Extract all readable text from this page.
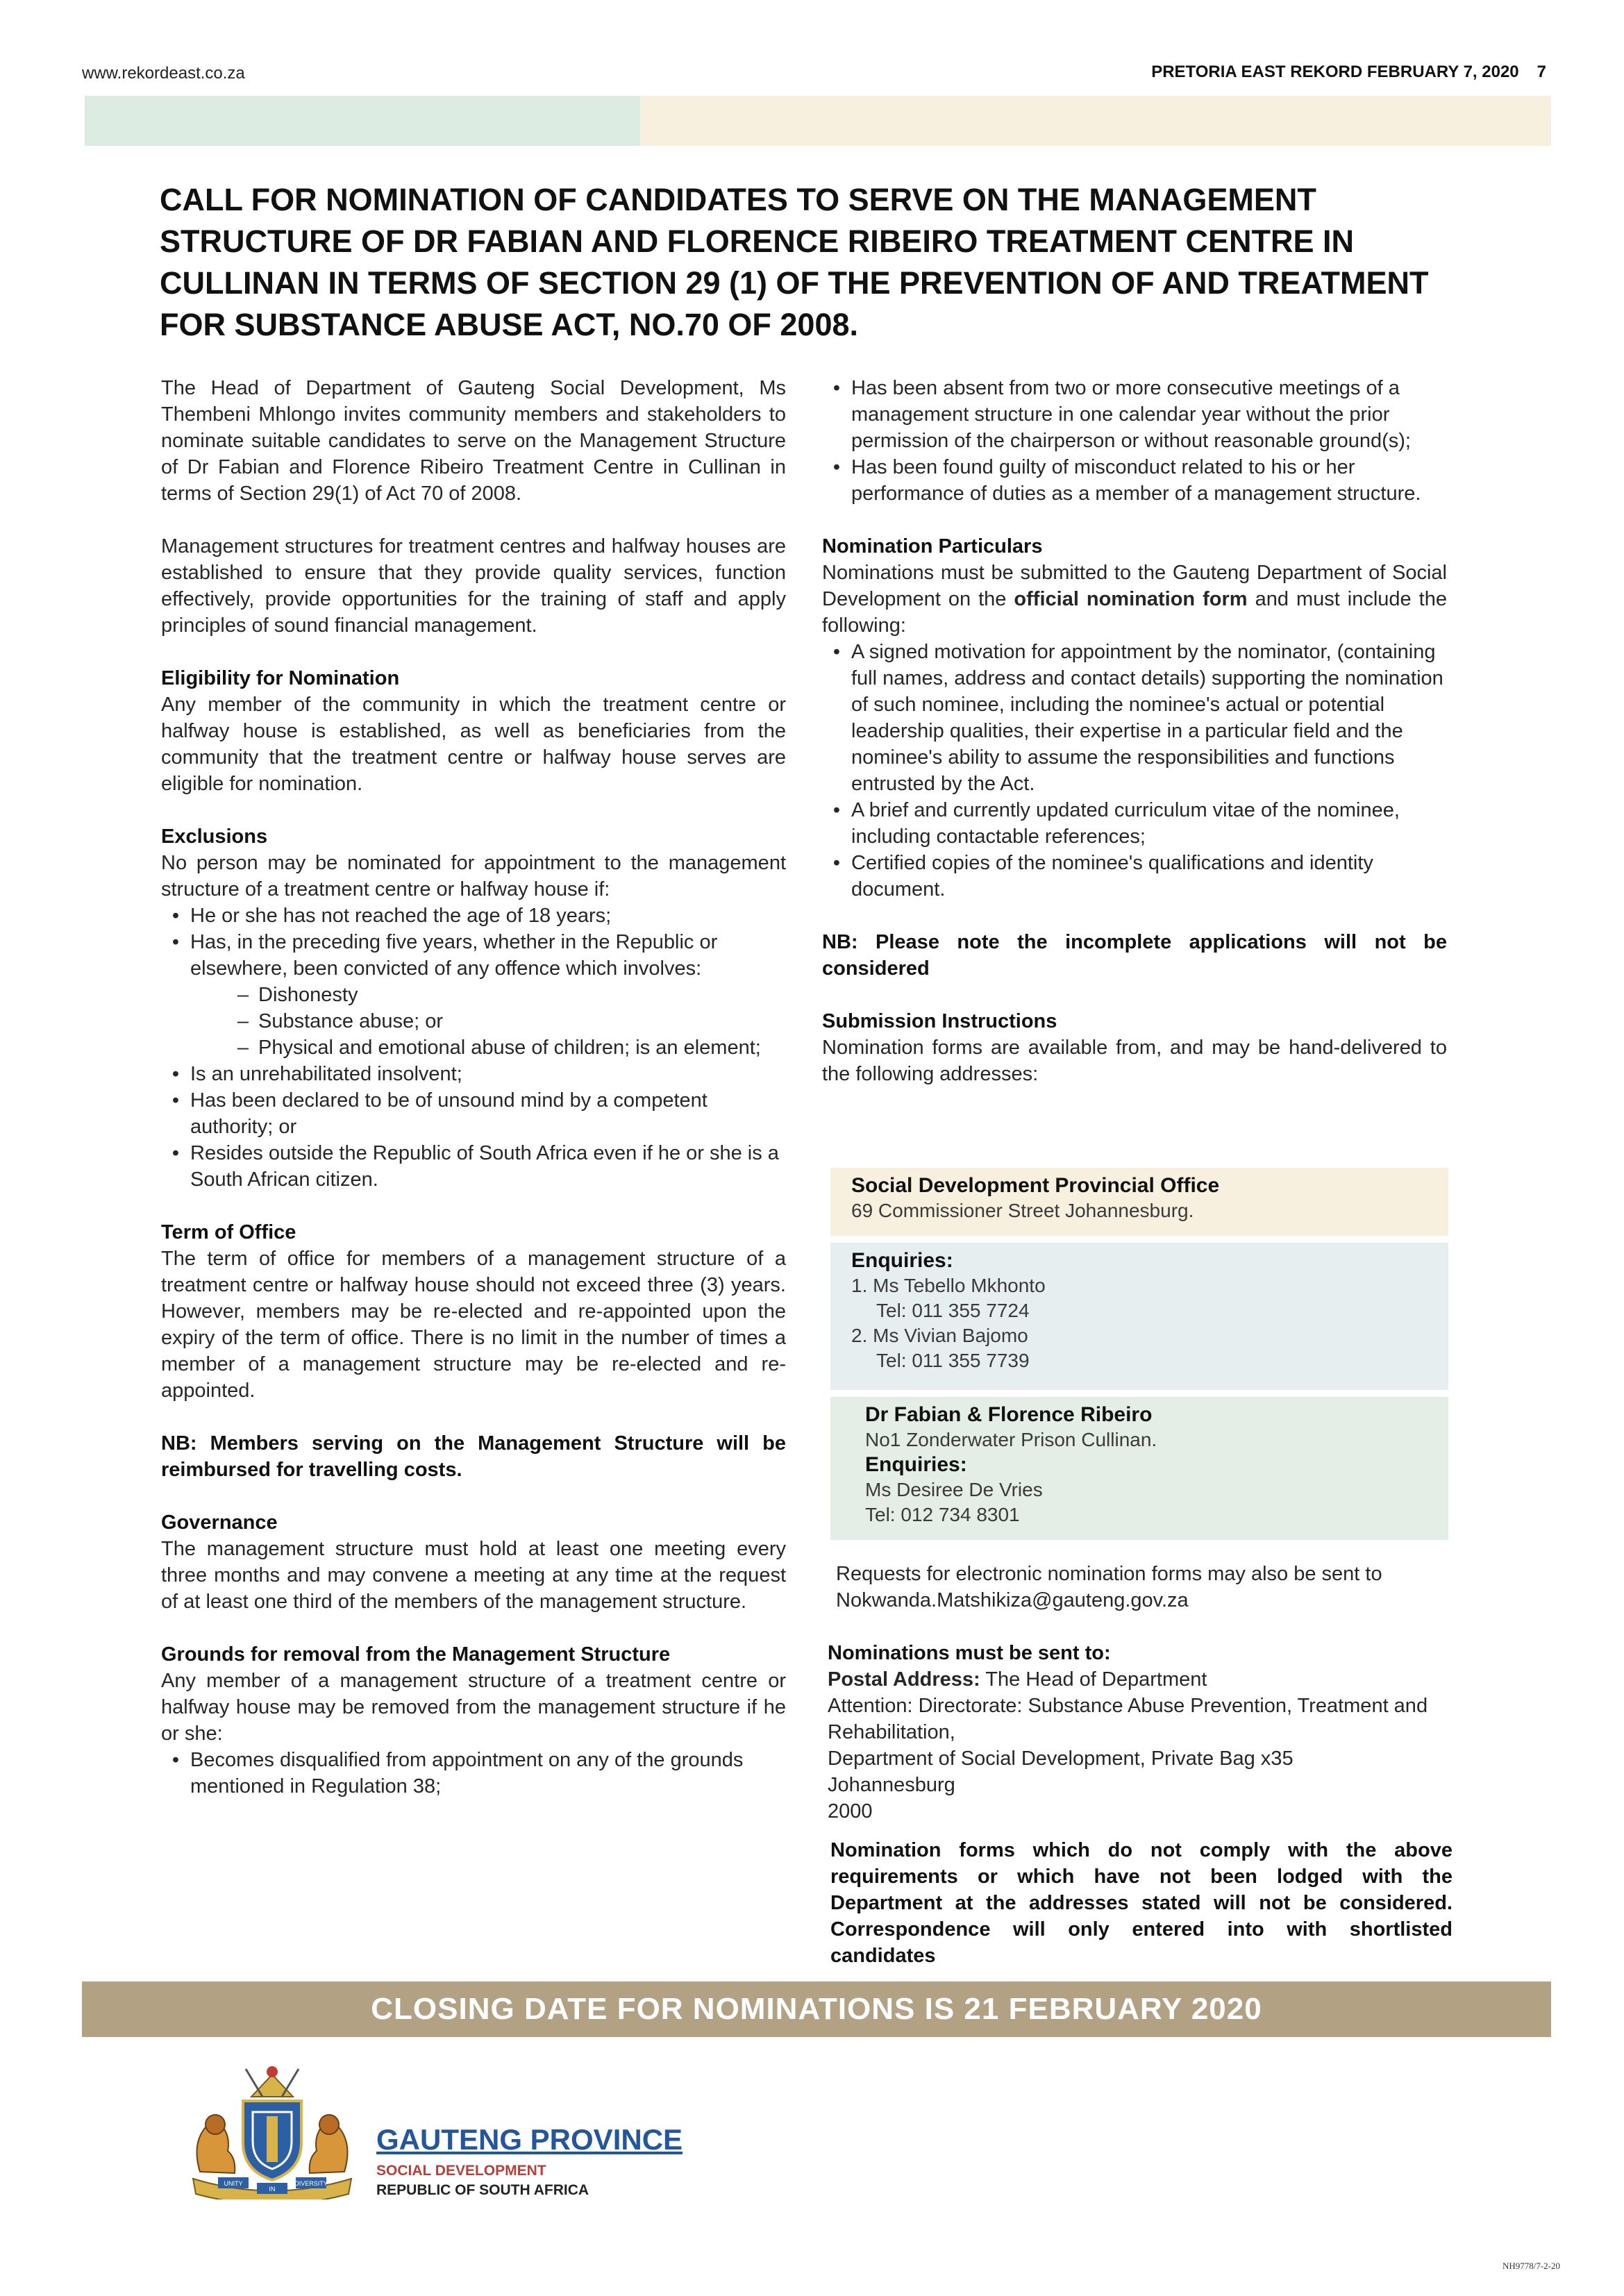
www.rekordeast.co.za	PRETORIA EAST REKORD FEBRUARY 7, 2020 7
CALL FOR NOMINATION OF CANDIDATES TO SERVE ON THE MANAGEMENT STRUCTURE OF DR FABIAN AND FLORENCE RIBEIRO TREATMENT CENTRE IN CULLINAN IN TERMS OF SECTION 29 (1) OF THE PREVENTION OF AND TREATMENT FOR SUBSTANCE ABUSE ACT, NO.70 OF 2008.

The Head of Department of Gauteng Social Development, Ms Thembeni Mhlongo invites community members and stakeholders to nominate suitable candidates to serve on the Management Structure of Dr Fabian and Florence Ribeiro Treatment Centre in Cullinan in terms of Section 29(1) of Act 70 of 2008.

Management structures for treatment centres and halfway houses are established to ensure that they provide quality services, function effectively, provide opportunities for the training of staff and apply principles of sound financial management.

Eligibility for Nomination

Any member of the community in which the treatment centre or halfway house is established, as well as beneficiaries from the community that the treatment centre or halfway house serves are eligible for nomination.

Exclusions

No person may be nominated for appointment to the management structure of a treatment centre or halfway house if:

• He or she has not reached the age of 18 years;
• Has, in the preceding five years, whether in the Republic or elsewhere, been convicted of any offence which involves:
– Dishonesty
– Substance abuse; or
– Physical and emotional abuse of children; is an element;
• Is an unrehabilitated insolvent;
• Has been declared to be of unsound mind by a competent authority; or
• Resides outside the Republic of South Africa even if he or she is a South African citizen.

Term of Office

The term of office for members of a management structure of a treatment centre or halfway house should not exceed three (3) years. However, members may be re-elected and re-appointed upon the expiry of the term of office. There is no limit in the number of times a member of a management structure may be re-elected and re-appointed.

NB: Members serving on the Management Structure will be reimbursed for travelling costs.

Governance

The management structure must hold at least one meeting every three months and may convene a meeting at any time at the request of at least one third of the members of the management structure.

Grounds for removal from the Management Structure

Any member of a management structure of a treatment centre or halfway house may be removed from the management structure if he or she:

• Becomes disqualified from appointment on any of the grounds mentioned in Regulation 38;
• Has been absent from two or more consecutive meetings of a management structure in one calendar year without the prior permission of the chairperson or without reasonable ground(s);
• Has been found guilty of misconduct related to his or her performance of duties as a member of a management structure.

Nomination Particulars

Nominations must be submitted to the Gauteng Department of Social Development on the official nomination form and must include the following:

• A signed motivation for appointment by the nominator, (containing full names, address and contact details) supporting the nomination of such nominee, including the nominee's actual or potential leadership qualities, their expertise in a particular field and the nominee's ability to assume the responsibilities and functions entrusted by the Act.
• A brief and currently updated curriculum vitae of the nominee, including contactable references;
• Certified copies of the nominee's qualifications and identity document.

NB: Please note the incomplete applications will not be considered

Submission Instructions

Nomination forms are available from, and may be hand-delivered to the following addresses:

Social Development Provincial Office
69 Commissioner Street Johannesburg.
Enquiries:
1. Ms Tebello Mkhonto
Tel: 011 355 7724
2. Ms Vivian Bajomo
Tel: 011 355 7739
Dr Fabian & Florence Ribeiro
No1 Zonderwater Prison Cullinan.
Enquiries:
Ms Desiree De Vries
Tel: 012 734 8301

Requests for electronic nomination forms may also be sent to Nokwanda.Matshikiza@gauteng.gov.za

Nominations must be sent to:

Postal Address: The Head of Department

Attention: Directorate: Substance Abuse Prevention, Treatment and Rehabilitation,

Department of Social Development, Private Bag x35

Johannesburg

2000

Nomination forms which do not comply with the above requirements or which have not been lodged with the Department at the addresses stated will not be considered. Correspondence will only entered into with shortlisted candidates
CLOSING DATE FOR NOMINATIONS IS 21 FEBRUARY 2020
UNITY
IN
DIVERSITY
GAUTENG PROVINCE
SOCIAL DEVELOPMENT
REPUBLIC OF SOUTH AFRICA
NH9778/7-2-20
